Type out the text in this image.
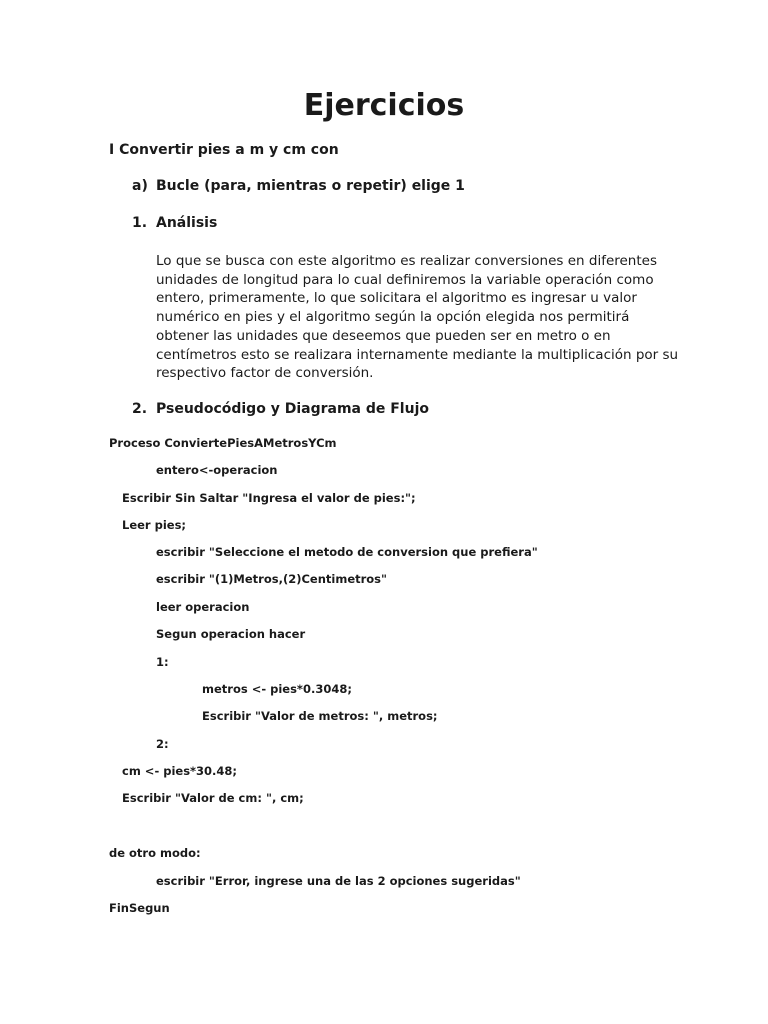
Ejercicios
I Convertir pies a m y cm con
a) Bucle (para, mientras o repetir) elige 1
1. Análisis
Lo que se busca con este algoritmo es realizar conversiones en diferentes
unidades de longitud para lo cual definiremos la variable operación como
entero, primeramente, lo que solicitara el algoritmo es ingresar u valor
numérico en pies y el algoritmo según la opción elegida nos permitirá
obtener las unidades que deseemos que pueden ser en metro o en
centímetros esto se realizara internamente mediante la multiplicación por su
respectivo factor de conversión.
2. Pseudocódigo y Diagrama de Flujo
Proceso ConviertePiesAMetrosYCm
entero<-operacion
Escribir Sin Saltar "Ingresa el valor de pies:";
Leer pies;
escribir "Seleccione el metodo de conversion que prefiera"
escribir "(1)Metros,(2)Centimetros"
leer operacion
Segun operacion hacer
1:
metros <- pies*0.3048;
Escribir "Valor de metros: ", metros;
2:
cm <- pies*30.48;
Escribir "Valor de cm: ", cm;
de otro modo:
escribir "Error, ingrese una de las 2 opciones sugeridas"
FinSegun
